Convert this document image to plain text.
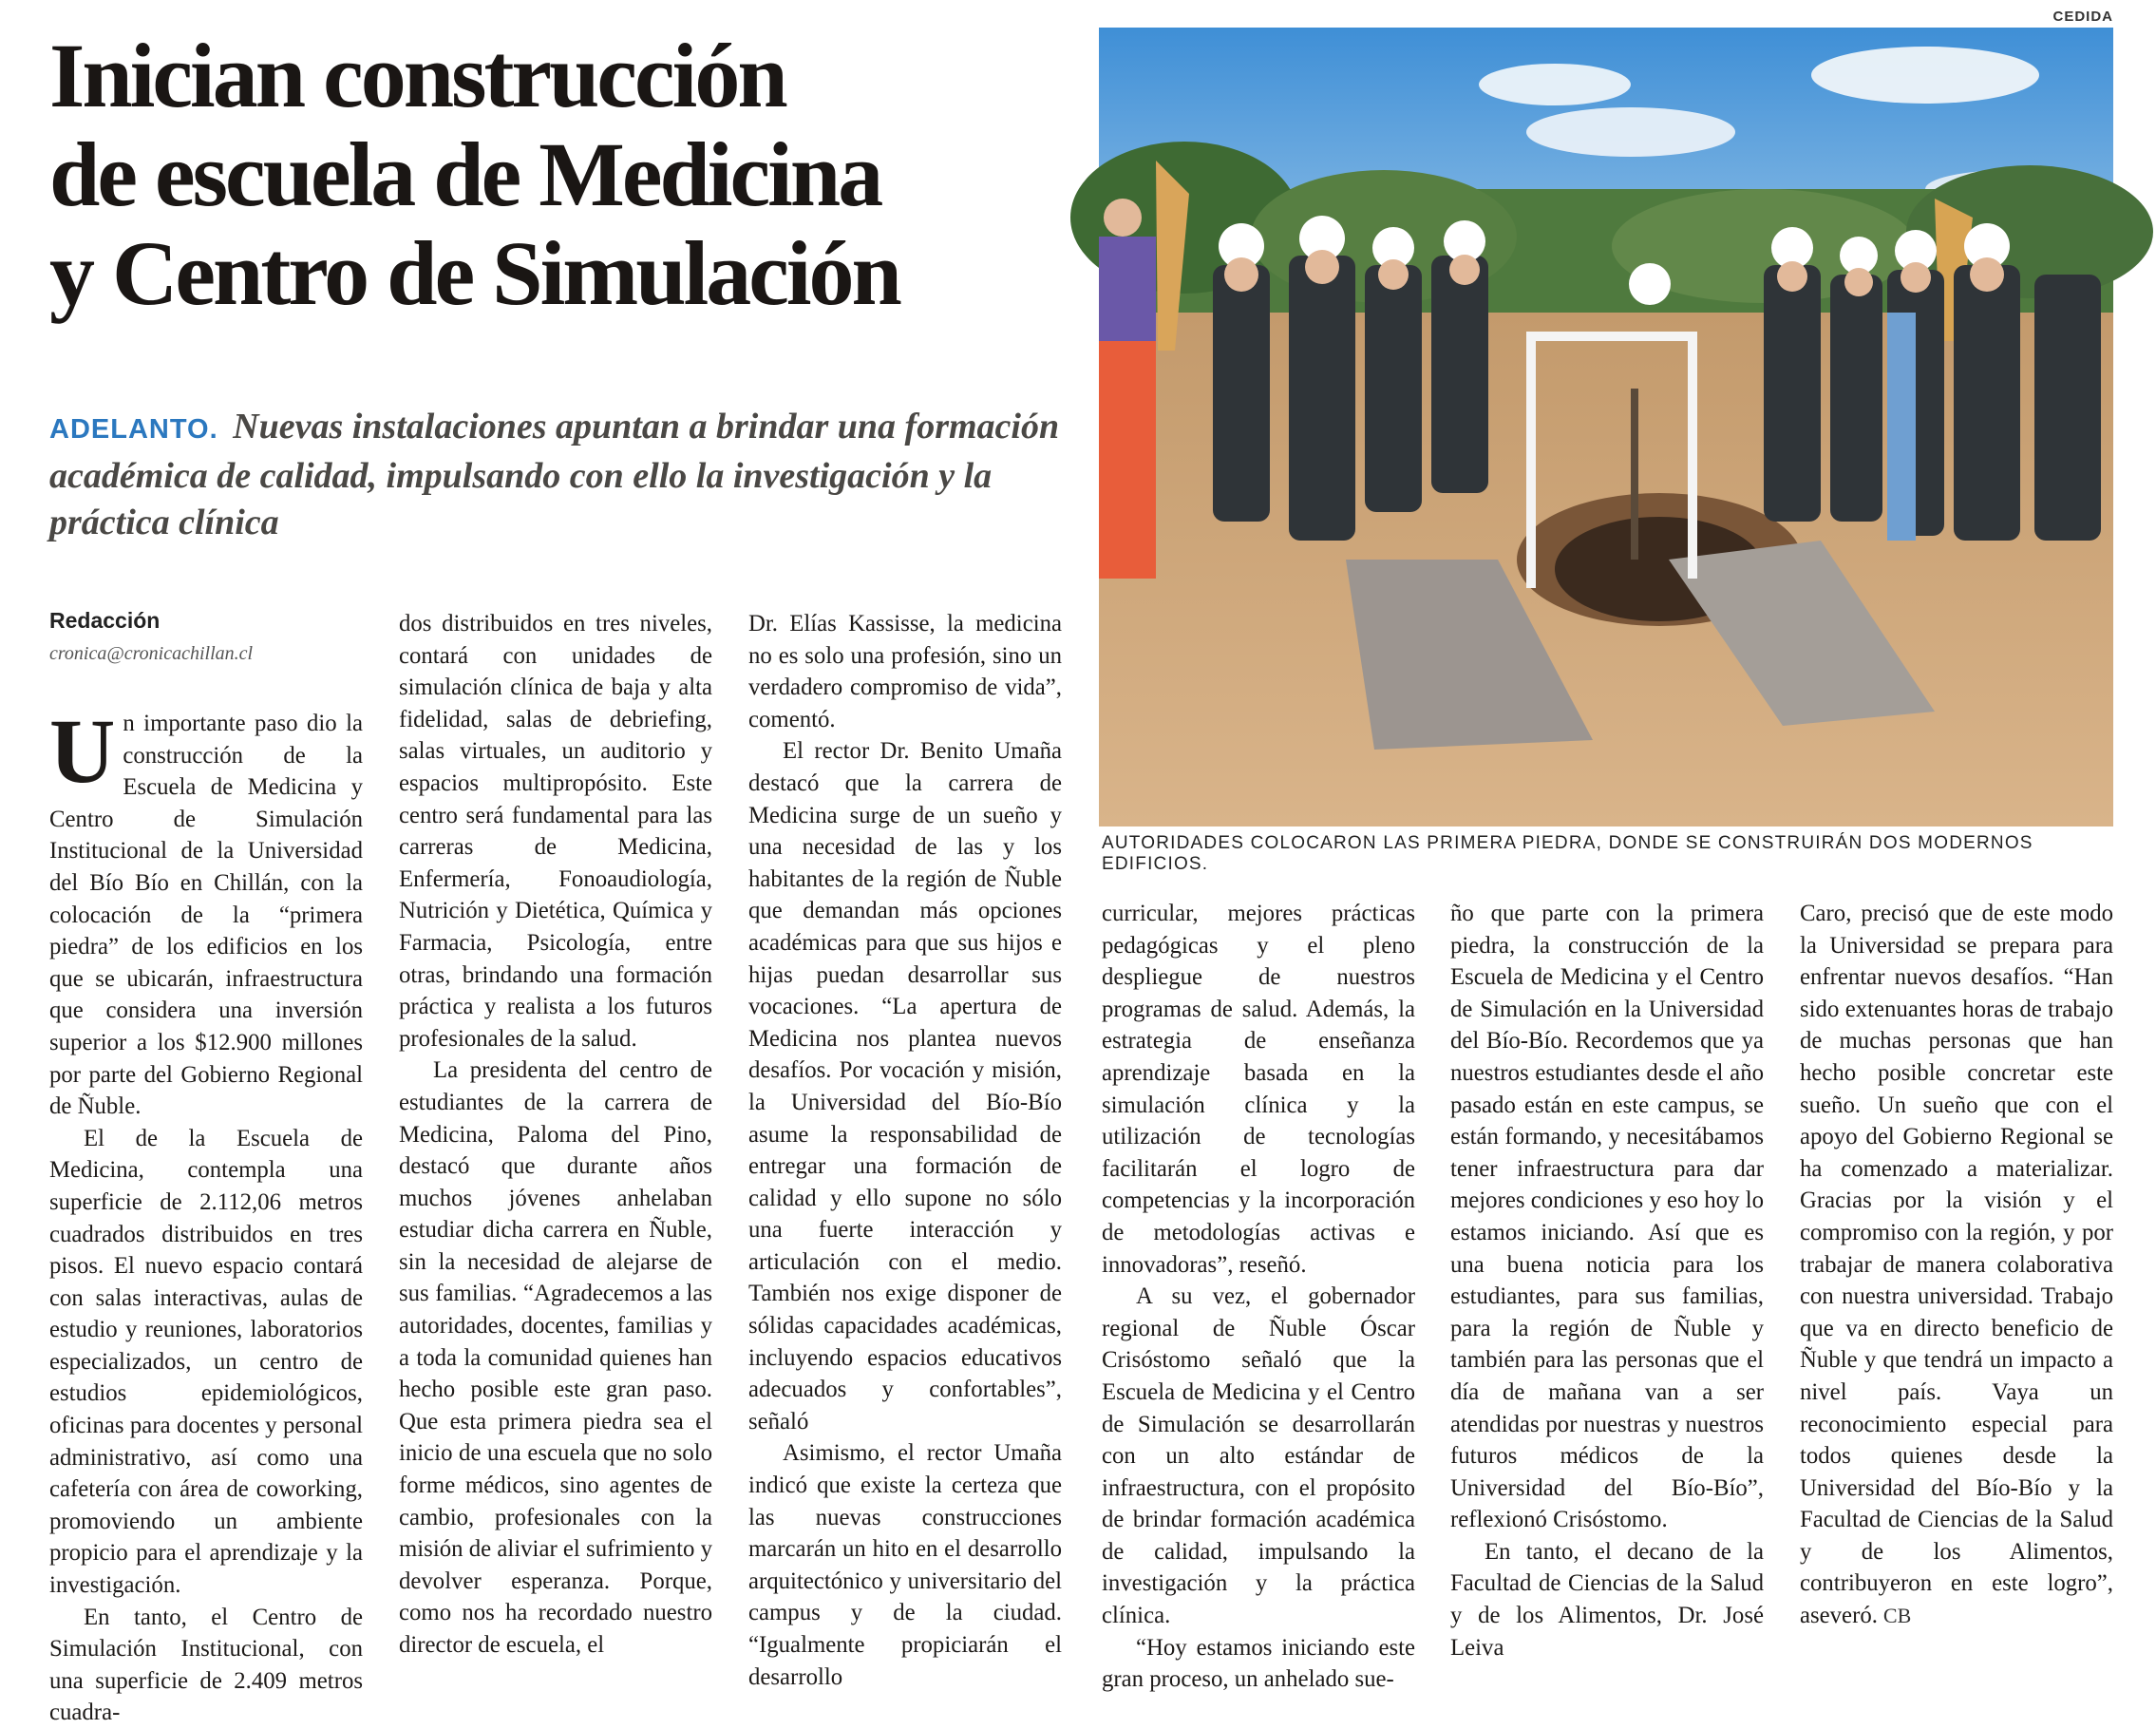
Inician construcción
de escuela de Medicina
y Centro de Simulación

ADELANTO. Nuevas instalaciones apuntan a brindar una formación académica de calidad, impulsando con ello la investigación y la práctica clínica

Redacción
cronica@cronicachillan.cl

Un importante paso dio la construcción de la Escuela de Medicina y Centro de Simulación Institucional de la Universidad del Bío Bío en Chillán, con la colocación de la “primera piedra” de los edificios en los que se ubicarán, infraestructura que considera una inversión superior a los $12.900 millones por parte del Gobierno Regional de Ñuble.

El de la Escuela de Medicina, contempla una superficie de 2.112,06 metros cuadrados distribuidos en tres pisos. El nuevo espacio contará con salas interactivas, aulas de estudio y reuniones, laboratorios especializados, un centro de estudios epidemiológicos, oficinas para docentes y personal administrativo, así como una cafetería con área de coworking, promoviendo un ambiente propicio para el aprendizaje y la investigación.

En tanto, el Centro de Simulación Institucional, con una superficie de 2.409 metros cuadra-

dos distribuidos en tres niveles, contará con unidades de simulación clínica de baja y alta fidelidad, salas de debriefing, salas virtuales, un auditorio y espacios multipropósito. Este centro será fundamental para las carreras de Medicina, Enfermería, Fonoaudiología, Nutrición y Dietética, Química y Farmacia, Psicología, entre otras, brindando una formación práctica y realista a los futuros profesionales de la salud.

La presidenta del centro de estudiantes de la carrera de Medicina, Paloma del Pino, destacó que durante años muchos jóvenes anhelaban estudiar dicha carrera en Ñuble, sin la necesidad de alejarse de sus familias. “Agradecemos a las autoridades, docentes, familias y a toda la comunidad quienes han hecho posible este gran paso. Que esta primera piedra sea el inicio de una escuela que no solo forme médicos, sino agentes de cambio, profesionales con la misión de aliviar el sufrimiento y devolver esperanza. Porque, como nos ha recordado nuestro director de escuela, el

Dr. Elías Kassisse, la medicina no es solo una profesión, sino un verdadero compromiso de vida”, comentó.

El rector Dr. Benito Umaña destacó que la carrera de Medicina surge de un sueño y una necesidad de las y los habitantes de la región de Ñuble que demandan más opciones académicas para que sus hijos e hijas puedan desarrollar sus vocaciones. “La apertura de Medicina nos plantea nuevos desafíos. Por vocación y misión, la Universidad del Bío-Bío asume la responsabilidad de entregar una formación de calidad y ello supone no sólo una fuerte interacción y articulación con el medio. También nos exige disponer de sólidas capacidades académicas, incluyendo espacios educativos adecuados y confortables”, señaló

Asimismo, el rector Umaña indicó que existe la certeza que las nuevas construcciones marcarán un hito en el desarrollo arquitectónico y universitario del campus y de la ciudad. “Igualmente propiciarán el desarrollo

CEDIDA
AUTORIDADES COLOCARON LAS PRIMERA PIEDRA, DONDE SE CONSTRUIRÁN DOS MODERNOS EDIFICIOS.

curricular, mejores prácticas pedagógicas y el pleno despliegue de nuestros programas de salud. Además, la estrategia de enseñanza aprendizaje basada en la simulación clínica y la utilización de tecnologías facilitarán el logro de competencias y la incorporación de metodologías activas e innovadoras”, reseñó.

A su vez, el gobernador regional de Ñuble Óscar Crisóstomo señaló que la Escuela de Medicina y el Centro de Simulación se desarrollarán con un alto estándar de infraestructura, con el propósito de brindar formación académica de calidad, impulsando la investigación y la práctica clínica.

“Hoy estamos iniciando este gran proceso, un anhelado sue-

ño que parte con la primera piedra, la construcción de la Escuela de Medicina y el Centro de Simulación en la Universidad del Bío-Bío. Recordemos que ya nuestros estudiantes desde el año pasado están en este campus, se están formando, y necesitábamos tener infraestructura para dar mejores condiciones y eso hoy lo estamos iniciando. Así que es una buena noticia para los estudiantes, para sus familias, para la región de Ñuble y también para las personas que el día de mañana van a ser atendidas por nuestras y nuestros futuros médicos de la Universidad del Bío-Bío”, reflexionó Crisóstomo.

En tanto, el decano de la Facultad de Ciencias de la Salud y de los Alimentos, Dr. José Leiva

Caro, precisó que de este modo la Universidad se prepara para enfrentar nuevos desafíos. “Han sido extenuantes horas de trabajo de muchas personas que han hecho posible concretar este sueño. Un sueño que con el apoyo del Gobierno Regional se ha comenzado a materializar. Gracias por la visión y el compromiso con la región, y por trabajar de manera colaborativa con nuestra universidad. Trabajo que va en directo beneficio de Ñuble y que tendrá un impacto a nivel país. Vaya un reconocimiento especial para todos quienes desde la Universidad del Bío-Bío y la Facultad de Ciencias de la Salud y de los Alimentos, contribuyeron en este logro”, aseveró. CB
